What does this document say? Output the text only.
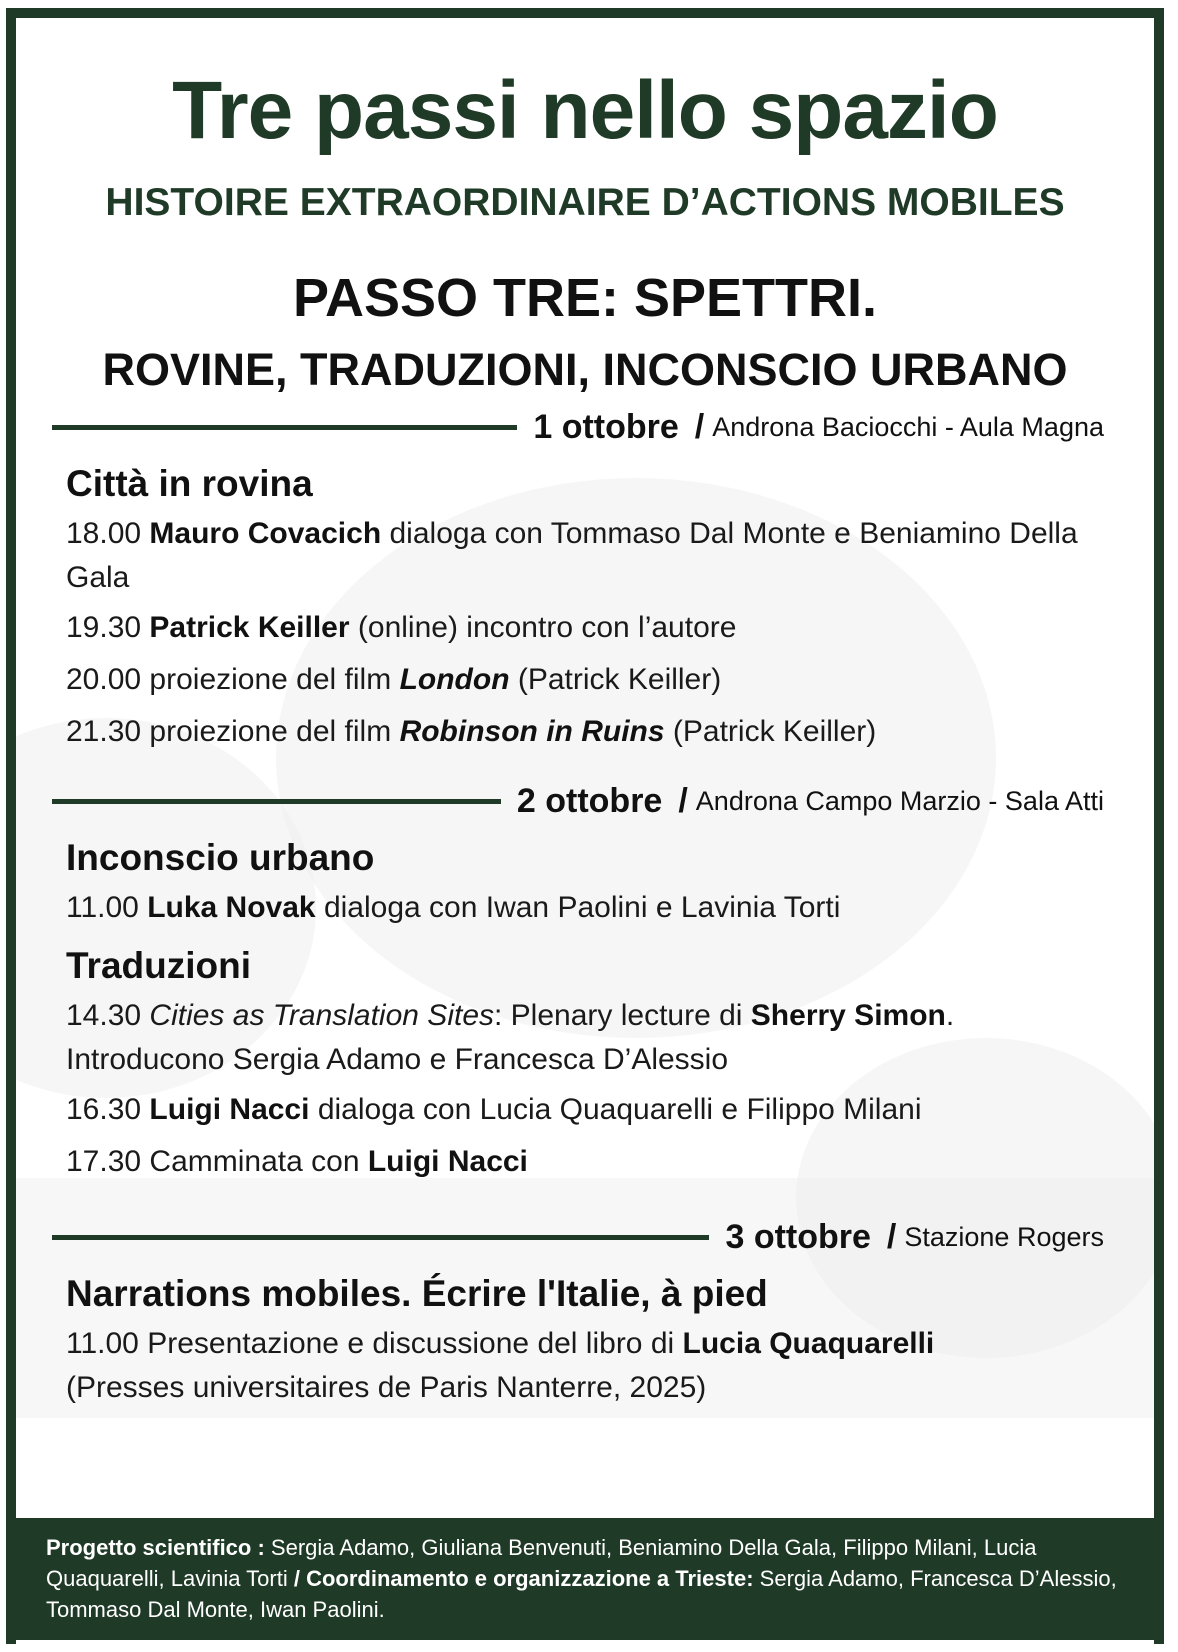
Tre passi nello spazio
HISTOIRE EXTRAORDINAIRE D’ACTIONS MOBILES
PASSO TRE: SPETTRI.
ROVINE, TRADUZIONI, INCONSCIO URBANO
1 ottobre / Androna Baciocchi - Aula Magna
Città in rovina
18.00 Mauro Covacich dialoga con Tommaso Dal Monte e Beniamino Della Gala
19.30 Patrick Keiller (online) incontro con l’autore
20.00 proiezione del film London (Patrick Keiller)
21.30 proiezione del film Robinson in Ruins (Patrick Keiller)
2 ottobre / Androna Campo Marzio - Sala Atti
Inconscio urbano
11.00 Luka Novak dialoga con Iwan Paolini e Lavinia Torti
Traduzioni
14.30 Cities as Translation Sites: Plenary lecture di Sherry Simon.
Introducono Sergia Adamo e Francesca D’Alessio
16.30 Luigi Nacci dialoga con Lucia Quaquarelli e Filippo Milani
17.30 Camminata con Luigi Nacci
3 ottobre / Stazione Rogers
Narrations mobiles. Écrire l'Italie, à pied
11.00 Presentazione e discussione del libro di Lucia Quaquarelli
(Presses universitaires de Paris Nanterre, 2025)
Progetto scientifico : Sergia Adamo, Giuliana Benvenuti, Beniamino Della Gala, Filippo Milani, Lucia Quaquarelli, Lavinia Torti / Coordinamento e organizzazione a Trieste: Sergia Adamo, Francesca D’Alessio, Tommaso Dal Monte, Iwan Paolini.
